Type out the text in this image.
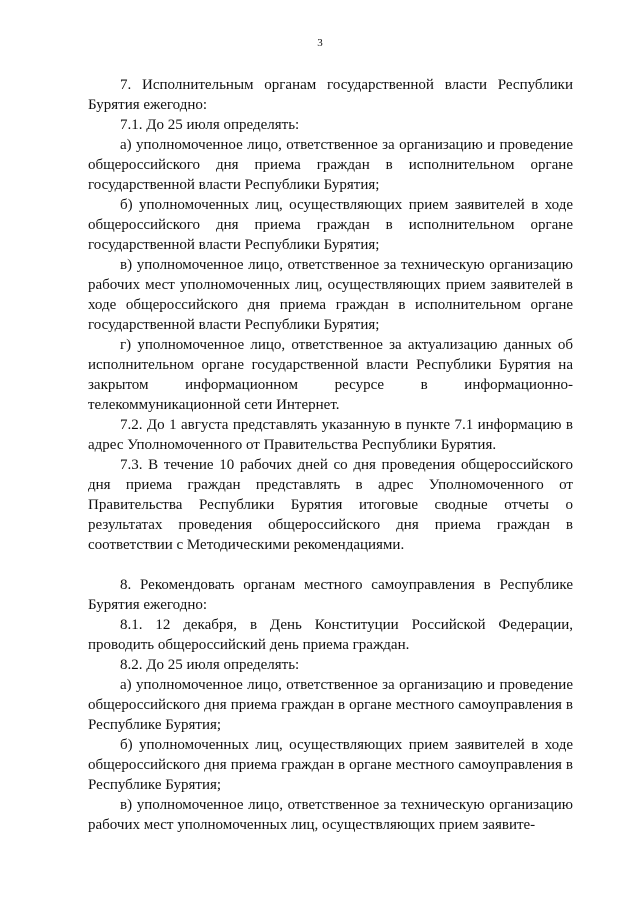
3

7. Исполнительным органам государственной власти Республики Бурятия ежегодно:

7.1. До 25 июля определять:

а) уполномоченное лицо, ответственное за организацию и проведение общероссийского дня приема граждан в исполнительном органе государственной власти Республики Бурятия;

б) уполномоченных лиц, осуществляющих прием заявителей в ходе общероссийского дня приема граждан в исполнительном органе государственной власти Республики Бурятия;

в) уполномоченное лицо, ответственное за техническую организацию рабочих мест уполномоченных лиц, осуществляющих прием заявителей в ходе общероссийского дня приема граждан в исполнительном органе государственной власти Республики Бурятия;

г) уполномоченное лицо, ответственное за актуализацию данных об исполнительном органе государственной власти Республики Бурятия на закрытом информационном ресурсе в информационно-телекоммуникационной сети Интернет.

7.2. До 1 августа представлять указанную в пункте 7.1 информацию в адрес Уполномоченного от Правительства Республики Бурятия.

7.3. В течение 10 рабочих дней со дня проведения общероссийского дня приема граждан представлять в адрес Уполномоченного от Правительства Республики Бурятия итоговые сводные отчеты о результатах проведения общероссийского дня приема граждан в соответствии с Методическими рекомендациями.

8. Рекомендовать органам местного самоуправления в Республике Бурятия ежегодно:

8.1. 12 декабря, в День Конституции Российской Федерации, проводить общероссийский день приема граждан.

8.2. До 25 июля определять:

а) уполномоченное лицо, ответственное за организацию и проведение общероссийского дня приема граждан в органе местного самоуправления в Республике Бурятия;

б) уполномоченных лиц, осуществляющих прием заявителей в ходе общероссийского дня приема граждан в органе местного самоуправления в Республике Бурятия;

в) уполномоченное лицо, ответственное за техническую организацию рабочих мест уполномоченных лиц, осуществляющих прием заявите-
